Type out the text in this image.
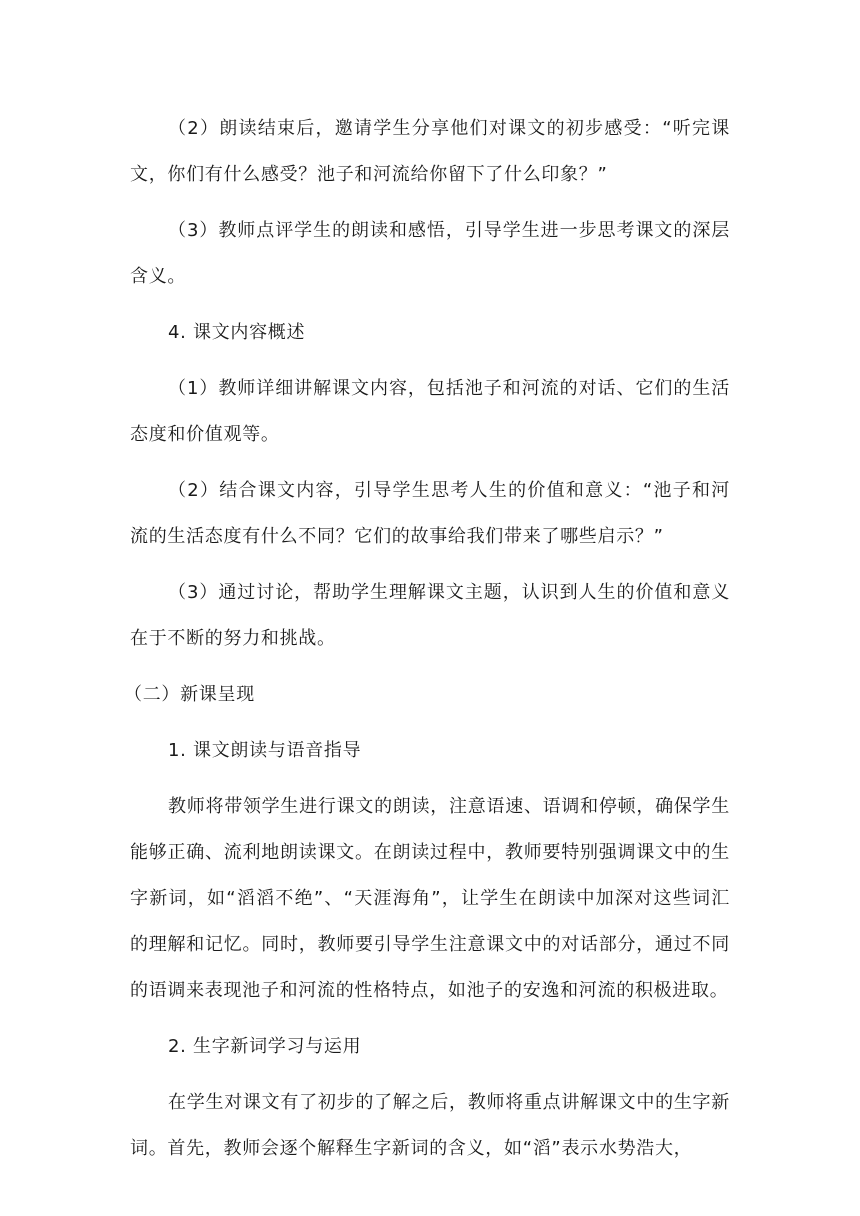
（2）朗读结束后，邀请学生分享他们对课文的初步感受：“听完课文，你们有什么感受？池子和河流给你留下了什么印象？”

（3）教师点评学生的朗读和感悟，引导学生进一步思考课文的深层含义。

4. 课文内容概述

（1）教师详细讲解课文内容，包括池子和河流的对话、它们的生活态度和价值观等。

（2）结合课文内容，引导学生思考人生的价值和意义：“池子和河流的生活态度有什么不同？它们的故事给我们带来了哪些启示？”

（3）通过讨论，帮助学生理解课文主题，认识到人生的价值和意义在于不断的努力和挑战。

（二）新课呈现

1. 课文朗读与语音指导

教师将带领学生进行课文的朗读，注意语速、语调和停顿，确保学生能够正确、流利地朗读课文。在朗读过程中，教师要特别强调课文中的生字新词，如“滔滔不绝”、“天涯海角”，让学生在朗读中加深对这些词汇的理解和记忆。同时，教师要引导学生注意课文中的对话部分，通过不同的语调来表现池子和河流的性格特点，如池子的安逸和河流的积极进取。

2. 生字新词学习与运用

在学生对课文有了初步的了解之后，教师将重点讲解课文中的生字新词。首先，教师会逐个解释生字新词的含义，如“滔”表示水势浩大，
